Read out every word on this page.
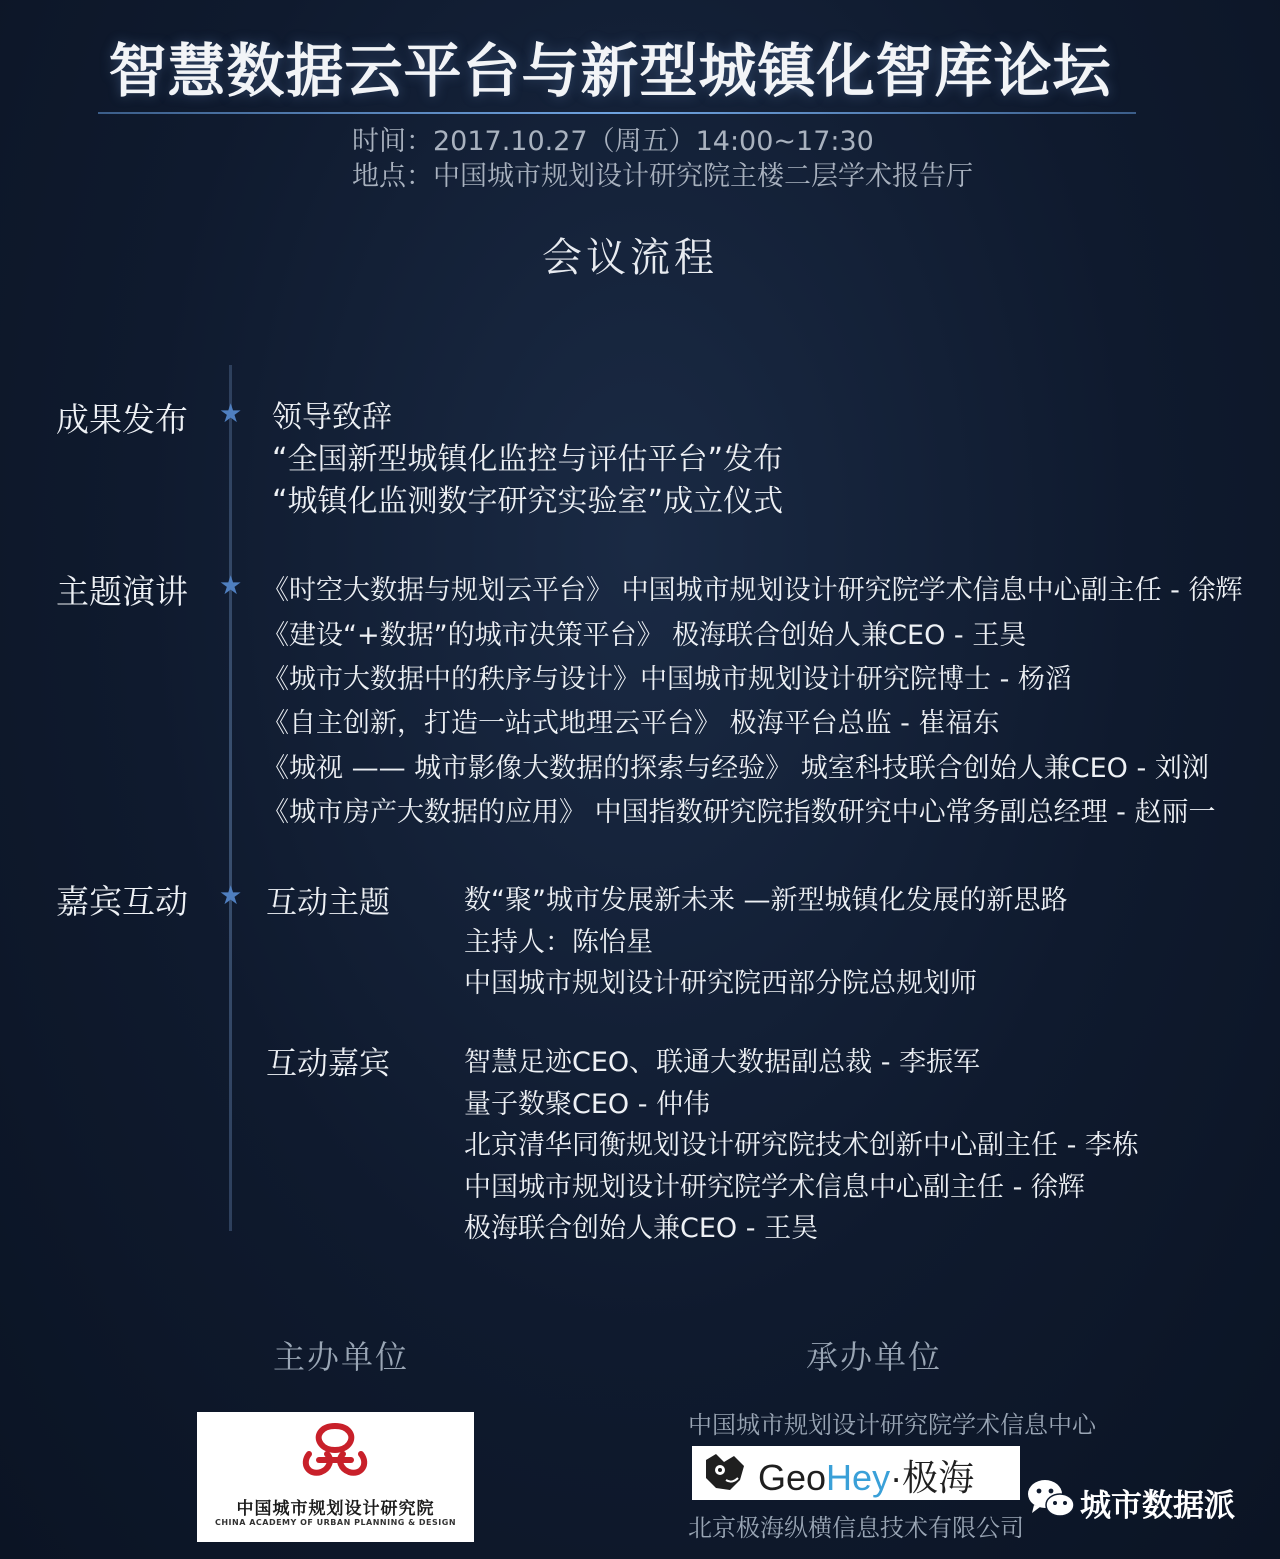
智慧数据云平台与新型城镇化智库论坛
时间：2017.10.27（周五）14:00~17:30
地点：中国城市规划设计研究院主楼二层学术报告厅
会议流程
成果发布 ★ 领导致辞
“全国新型城镇化监控与评估平台”发布
“城镇化监测数字研究实验室”成立仪式
主题演讲 ★ 《时空大数据与规划云平台》 中国城市规划设计研究院学术信息中心副主任 - 徐辉
《建设“+数据”的城市决策平台》 极海联合创始人兼CEO - 王昊
《城市大数据中的秩序与设计》中国城市规划设计研究院博士 - 杨滔
《自主创新，打造一站式地理云平台》 极海平台总监 - 崔福东
《城视 —— 城市影像大数据的探索与经验》 城室科技联合创始人兼CEO - 刘浏
《城市房产大数据的应用》 中国指数研究院指数研究中心常务副总经理 - 赵丽一
嘉宾互动 ★ 互动主题	数“聚”城市发展新未来 —新型城镇化发展的新思路
主持人：陈怡星
中国城市规划设计研究院西部分院总规划师
互动嘉宾	智慧足迹CEO、联通大数据副总裁 - 李振军
量子数聚CEO - 仲伟
北京清华同衡规划设计研究院技术创新中心副主任 - 李栋
中国城市规划设计研究院学术信息中心副主任 - 徐辉
极海联合创始人兼CEO - 王昊
主办单位	承办单位
中国城市规划设计研究院
CHINA ACADEMY OF URBAN PLANNING & DESIGN
中国城市规划设计研究院学术信息中心
GeoHey·极海
北京极海纵横信息技术有限公司
城市数据派
